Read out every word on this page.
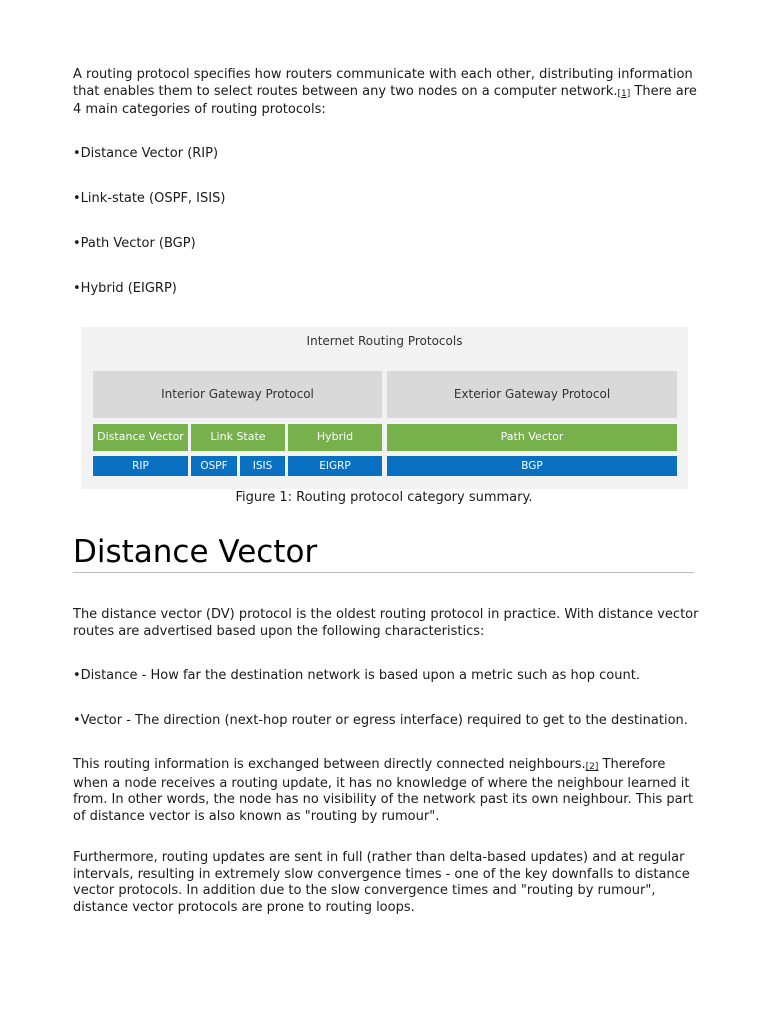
A routing protocol specifies how routers communicate with each other, distributing information that enables them to select routes between any two nodes on a computer network.[1] There are 4 main categories of routing protocols:

•Distance Vector (RIP)

•Link-state (OSPF, ISIS)

•Path Vector (BGP)

•Hybrid (EIGRP)

Internet Routing Protocols
Interior Gateway Protocol	Exterior Gateway Protocol
Distance Vector	Link State	Hybrid	Path Vector
RIP	OSPF	ISIS	EIGRP	BGP
Figure 1: Routing protocol category summary.
Distance Vector

The distance vector (DV) protocol is the oldest routing protocol in practice. With distance vector routes are advertised based upon the following characteristics:

•Distance - How far the destination network is based upon a metric such as hop count.

•Vector - The direction (next-hop router or egress interface) required to get to the destination.

This routing information is exchanged between directly connected neighbours.[2] Therefore when a node receives a routing update, it has no knowledge of where the neighbour learned it from. In other words, the node has no visibility of the network past its own neighbour. This part of distance vector is also known as "routing by rumour".

Furthermore, routing updates are sent in full (rather than delta-based updates) and at regular intervals, resulting in extremely slow convergence times - one of the key downfalls to distance vector protocols. In addition due to the slow convergence times and "routing by rumour", distance vector protocols are prone to routing loops.
